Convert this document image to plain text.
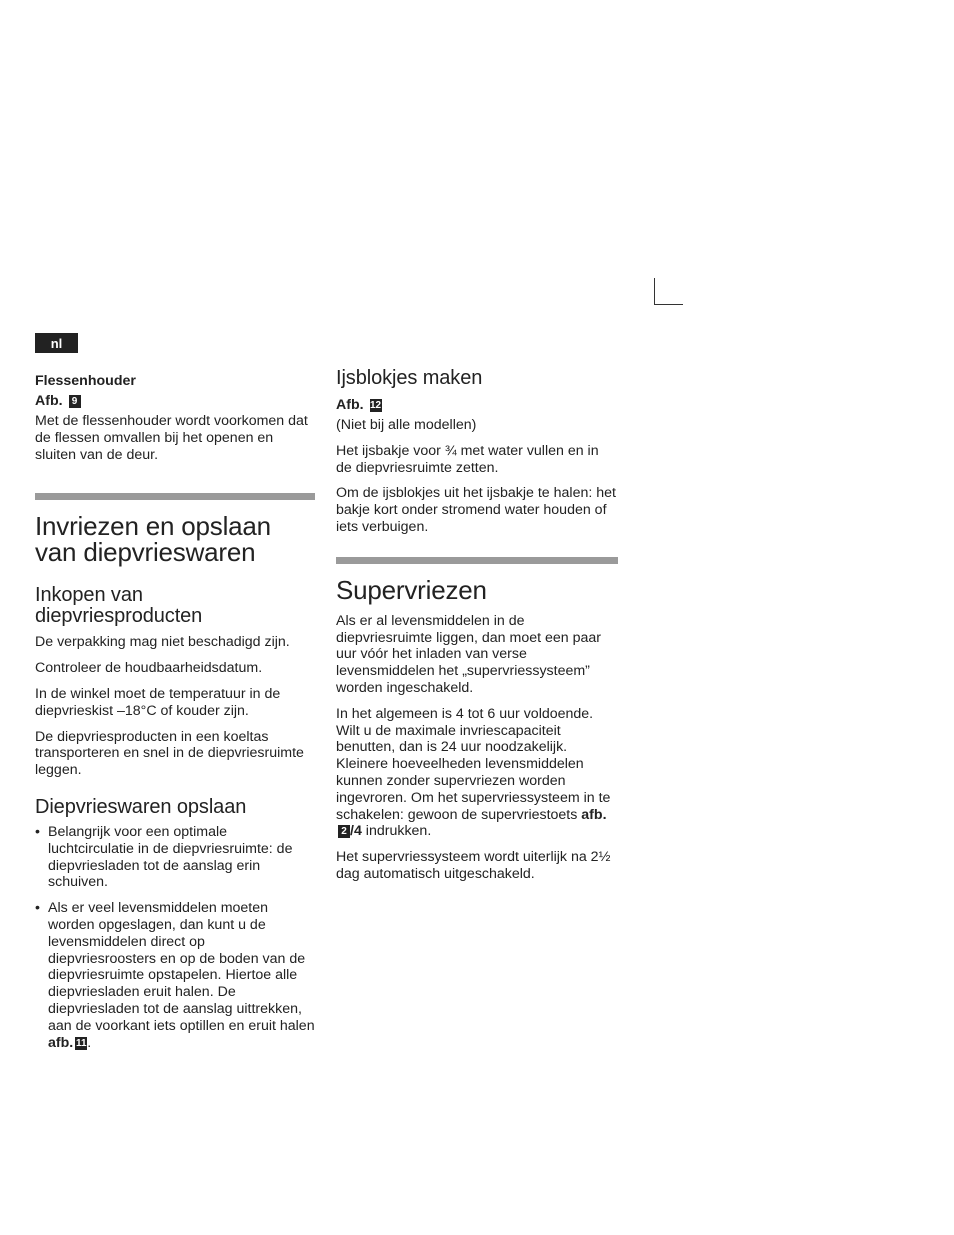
nl
Flessenhouder
Afb. 9

Met de flessenhouder wordt voorkomen dat de flessen omvallen bij het openen en sluiten van de deur.

Invriezen en opslaan van diepvrieswaren
Inkopen van diepvriesproducten

De verpakking mag niet beschadigd zijn.

Controleer de houdbaarheidsdatum.

In de winkel moet de temperatuur in de diepvrieskist –18°C of kouder zijn.

De diepvriesproducten in een koeltas transporteren en snel in de diepvriesruimte leggen.

Diepvrieswaren opslaan
• Belangrijk voor een optimale luchtcirculatie in de diepvriesruimte: de diepvriesladen tot de aanslag erin schuiven.
• Als er veel levensmiddelen moeten worden opgeslagen, dan kunt u de levensmiddelen direct op diepvriesroosters en op de boden van de diepvriesruimte opstapelen. Hiertoe alle diepvriesladen eruit halen. De diepvriesladen tot de aanslag uittrekken, aan de voorkant iets optillen en eruit halen afb. 11.
Ijsblokjes maken
Afb. 12

(Niet bij alle modellen)

Het ijsbakje voor ¾ met water vullen en in de diepvriesruimte zetten.

Om de ijsblokjes uit het ijsbakje te halen: het bakje kort onder stromend water houden of iets verbuigen.

Supervriezen

Als er al levensmiddelen in de diepvriesruimte liggen, dan moet een paar uur vóór het inladen van verse levensmiddelen het „supervriessysteem” worden ingeschakeld.

In het algemeen is 4 tot 6 uur voldoende. Wilt u de maximale invriescapaciteit benutten, dan is 24 uur noodzakelijk. Kleinere hoeveelheden levensmiddelen kunnen zonder supervriezen worden ingevroren. Om het supervriessysteem in te schakelen: gewoon de supervriestoets afb.2 /4 indrukken.

Het supervriessysteem wordt uiterlijk na 2½ dag automatisch uitgeschakeld.
